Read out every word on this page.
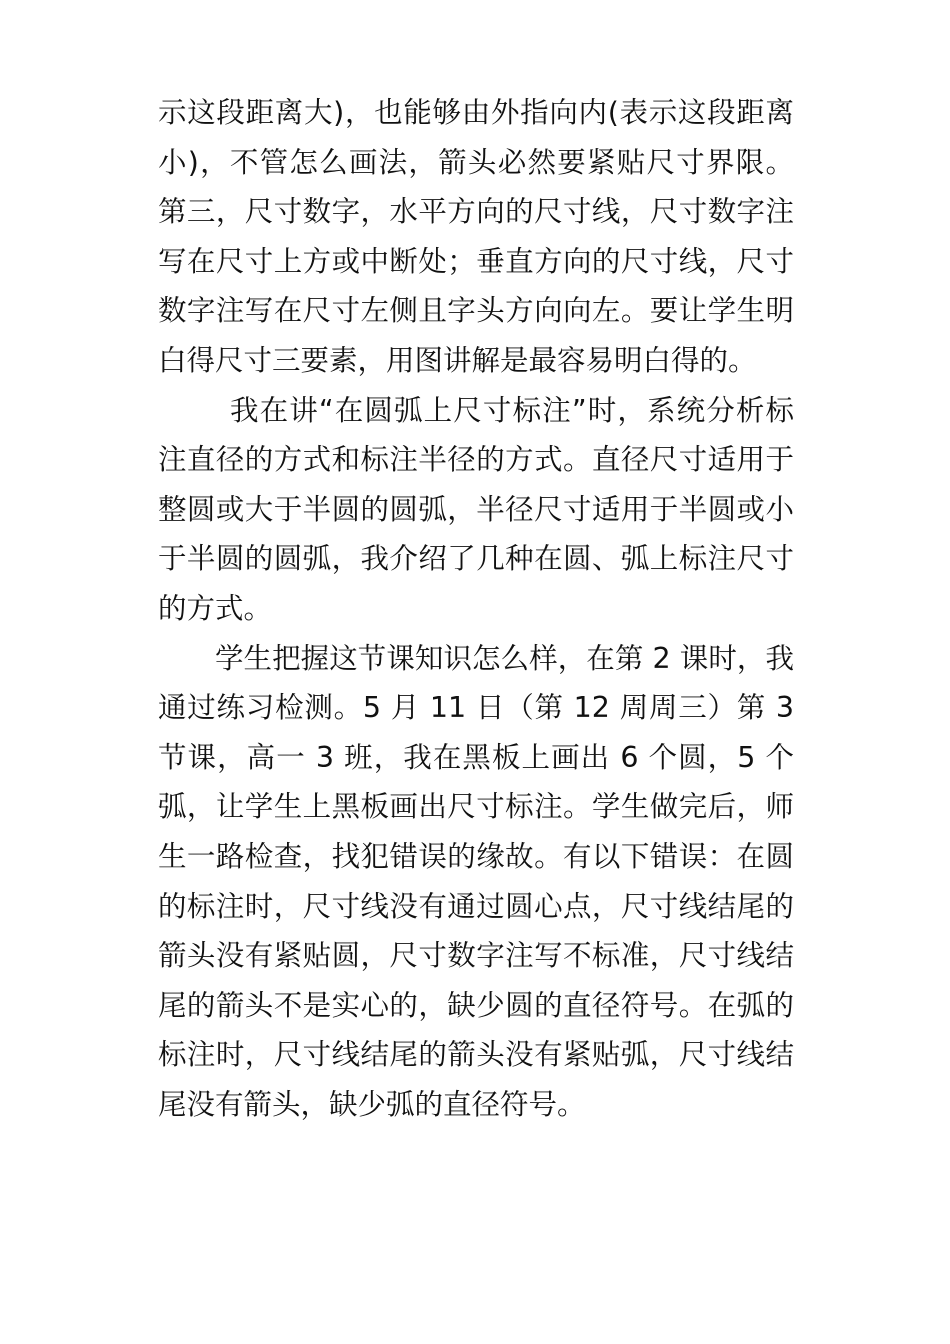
示这段距离大)，也能够由外指向内(表示这段距离小)，不管怎么画法，箭头必然要紧贴尺寸界限。第三，尺寸数字，水平方向的尺寸线，尺寸数字注写在尺寸上方或中断处；垂直方向的尺寸线，尺寸数字注写在尺寸左侧且字头方向向左。要让学生明白得尺寸三要素，用图讲解是最容易明白得的。

我在讲“在圆弧上尺寸标注”时，系统分析标注直径的方式和标注半径的方式。直径尺寸适用于整圆或大于半圆的圆弧，半径尺寸适用于半圆或小于半圆的圆弧，我介绍了几种在圆、弧上标注尺寸的方式。

学生把握这节课知识怎么样，在第 2 课时，我通过练习检测。5 月 11 日（第 12 周周三）第 3 节课，高一 3 班，我在黑板上画出 6 个圆，5 个弧，让学生上黑板画出尺寸标注。学生做完后，师生一路检查，找犯错误的缘故。有以下错误：在圆的标注时，尺寸线没有通过圆心点，尺寸线结尾的箭头没有紧贴圆，尺寸数字注写不标准，尺寸线结尾的箭头不是实心的，缺少圆的直径符号。在弧的标注时，尺寸线结尾的箭头没有紧贴弧，尺寸线结尾没有箭头，缺少弧的直径符号。
